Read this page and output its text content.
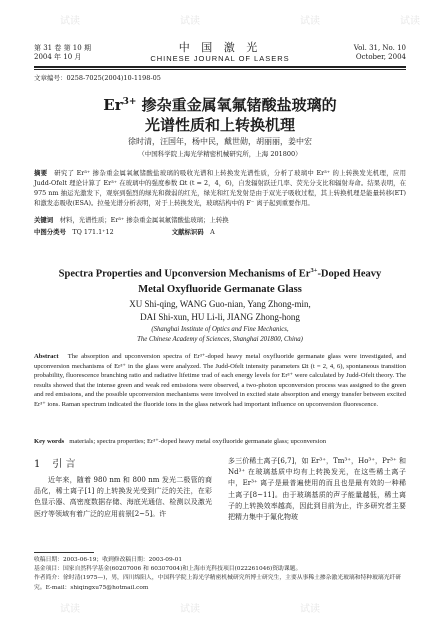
第 31 卷 第 10 期
2004 年 10 月
中 国 激 光
CHINESE JOURNAL OF LASERS
Vol. 31, No. 10
October, 2004
文章编号：0258-7025(2004)10-1198-05
$Er^{3+}$ 掺杂重金属氧氟锗酸盐玻璃的
光谱性质和上转换机理
徐时清，汪国年，杨中民，戴世勋，胡丽丽，姜中宏
（中国科学院上海光学精密机械研究所，上海 201800）
摘要　 研究了 Er³⁺ 掺杂重金属氧氟锗酸盐玻璃的吸收光谱和上转换发光谱性质，分析了玻璃中 Er³⁺ 的上转换发光机理，应用 Judd-Ofelt 理论计算了 Er³⁺ 在玻璃中的强度参数 Ωt (t = 2，4，6)，自发辐射跃迁几率、荧光分支比和辐射寿命。结果表明，在 975 nm 抽运光激发下，观察到强烈的绿光和微弱的红光，绿光和红光发射是由于双光子吸收过程，其上转换机理是能量转移(ET)和激发态吸收(ESA)。拉曼光谱分析表明，对于上转换发光，玻璃结构中的 F⁻ 离子起到重要作用。
关键词　 材料，光谱性质；Er³⁺ 掺杂重金属氧氟锗酸盐玻璃；上转换
中图分类号　 TQ 171.1⁺12	文献标识码　 A
Spectra Properties and Upconversion Mechanisms of $Er^{3+}$-Doped Heavy
Metal Oxyfluoride Germanate Glass
XU Shi-qing, WANG Guo-nian, Yang Zhong-min,
DAI Shi-xun, HU Li-li, JIANG Zhong-hong
(Shanghai Institute of Optics and Fine Mechanics,
The Chinese Academy of Sciences, Shanghai 201800, China)
Abstract The absorption and upconversion spectra of Er³⁺-doped heavy metal oxyfluoride germanate glass were investigated, and upconversion mechanisms of Er³⁺ in the glass were analyzed. The Judd-Ofelt intensity parameters Ωt (t = 2, 4, 6), spontaneous transition probability, fluorescence branching ratio and radiative lifetime τrad of each energy levels for Er³⁺ were calculated by Judd-Ofelt theory. The results showed that the intense green and weak red emissions were observed, a two-photon upconversion process was assigned to the green and red emissions, and the possible upconversion mechanisms were involved in excited state absorption and energy transfer between excited Er³⁺ ions. Raman spectrum indicated the fluoride ions in the glass network had important influence on upconversion fluorescence.
Key words materials; spectra properties; Er³⁺-doped heavy metal oxyfluoride germanate glass; upconversion
1 引 言

近年来，随着 980 nm 和 800 nm 发光二极管的商品化，稀土离子[1] 的上转换发光受到广泛的关注，在彩色显示器、高密度数据存储、海底光通信、检测以及激光医疗等领域有着广泛的应用前景[2~5]。许

多三价稀土离子[6,7]，如 Er³⁺，Tm³⁺，Ho³⁺，Pr³⁺ 和 Nd³⁺ 在玻璃基质中均有上转换发光，在这些稀土离子中，Er³⁺ 离子是最普遍使用的而且也是最有效的一种稀土离子[8~11]。由于玻璃基质的声子能量越低，稀土离子的上转换效率越高，因此到目前为止，许多研究者主要把精力集中于氟化物玻

收稿日期：2003-06-19；收到修改稿日期：2003-09-01
基金项目：国家自然科学基金(60207006 和 60307004)和上海市光科技项目(022261046)资助课题。
作者简介：徐时清(1975—)，男，四川绵阳人，中国科学院上海光学精密机械研究所博士研究生，主要从事稀土掺杂激光玻璃和特种玻璃光纤研究。E-mail：shiqingxu75@hotmail.com
试读	试读	试读	试读
试读	试读	试读
